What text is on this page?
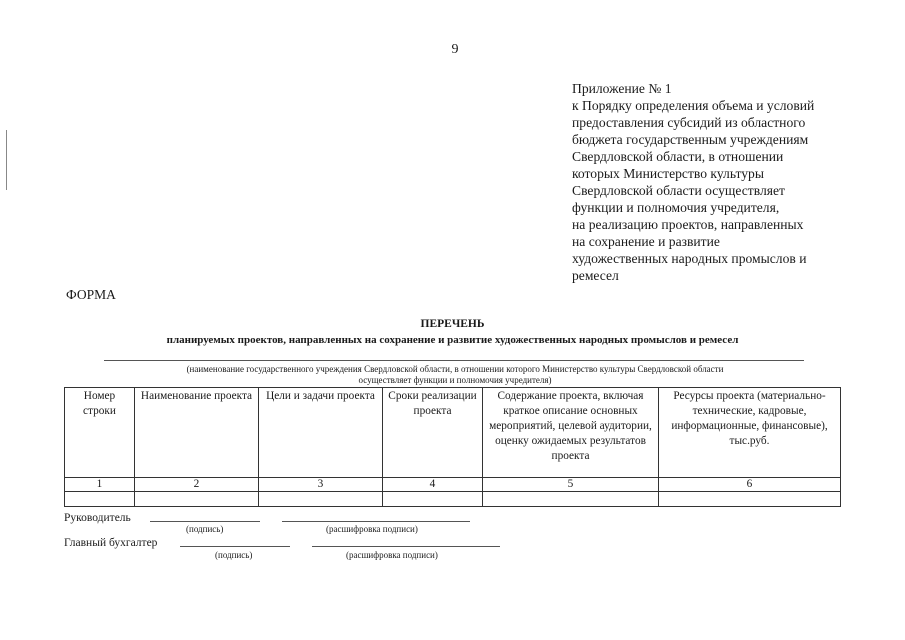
9
Приложение № 1
к Порядку определения объема и условий
предоставления субсидий из областного
бюджета государственным учреждениям
Свердловской области, в отношении
которых Министерство культуры
Свердловской области осуществляет
функции и полномочия учредителя,
на реализацию проектов, направленных
на сохранение и развитие
художественных народных промыслов и
ремесел
ФОРМА
ПЕРЕЧЕНЬ
планируемых проектов, направленных на сохранение и развитие художественных народных промыслов и ремесел
(наименование государственного учреждения Свердловской области, в отношении которого Министерство культуры Свердловской области
осуществляет функции и полномочия учредителя)
Номер строки	Наименование проекта	Цели и задачи проекта	Сроки реализации проекта	Содержание проекта, включая краткое описание основных мероприятий, целевой аудитории, оценку ожидаемых результатов проекта	Ресурсы проекта (материально-технические, кадровые, информационные, финансовые), тыс.руб.
1	2	3	4	5	6

Руководитель
(подпись)	(расшифровка подписи)
Главный бухгалтер
(подпись)	(расшифровка подписи)
